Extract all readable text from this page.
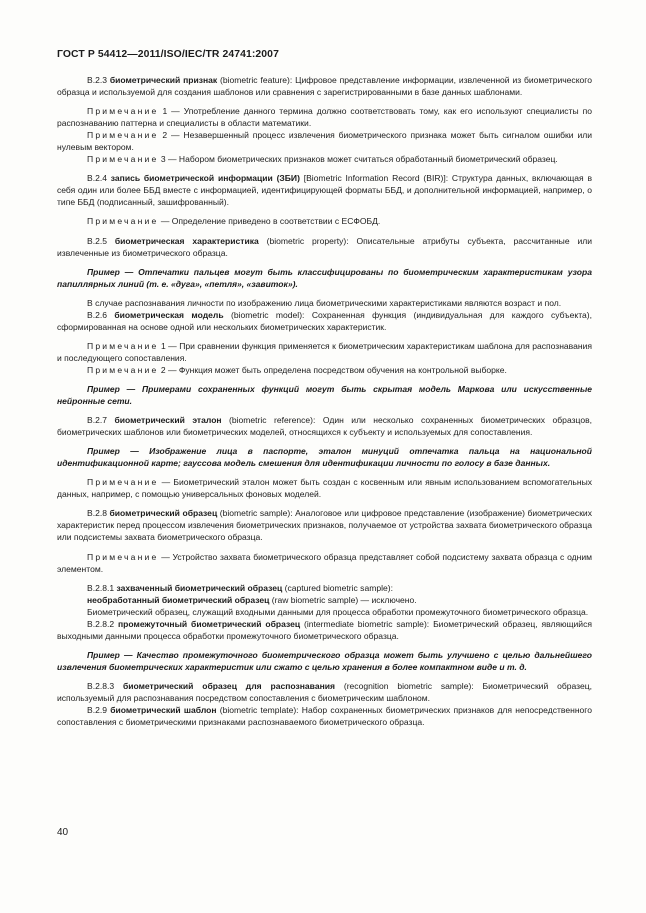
ГОСТ Р 54412—2011/ISO/IEC/TR 24741:2007

B.2.3 биометрический признак (biometric feature): Цифровое представление информации, извлеченной из биометрического образца и используемой для создания шаблонов или сравнения с зарегистрированными в базе данных шаблонами.

Примечание 1 — Употребление данного термина должно соответствовать тому, как его используют специалисты по распознаванию паттерна и специалисты в области математики.

Примечание 2 — Незавершенный процесс извлечения биометрического признака может быть сигналом ошибки или нулевым вектором.

Примечание 3 — Набором биометрических признаков может считаться обработанный биометрический образец.

B.2.4 запись биометрической информации (ЗБИ) [Biometric Information Record (BIR)]: Структура данных, включающая в себя один или более ББД вместе с информацией, идентифицирующей форматы ББД, и дополнительной информацией, например, о типе ББД (подписанный, зашифрованный).

Примечание — Определение приведено в соответствии с ЕСФОБД.

B.2.5 биометрическая характеристика (biometric property): Описательные атрибуты субъекта, рассчитанные или извлеченные из биометрического образца.

Пример — Отпечатки пальцев могут быть классифицированы по биометрическим характеристикам узора папиллярных линий (т. е. «дуга», «петля», «завиток»).

В случае распознавания личности по изображению лица биометрическими характеристиками являются возраст и пол.

B.2.6 биометрическая модель (biometric model): Сохраненная функция (индивидуальная для каждого субъекта), сформированная на основе одной или нескольких биометрических характеристик.

Примечание 1 — При сравнении функция применяется к биометрическим характеристикам шаблона для распознавания и последующего сопоставления.

Примечание 2 — Функция может быть определена посредством обучения на контрольной выборке.

Пример — Примерами сохраненных функций могут быть скрытая модель Маркова или искусственные нейронные сети.

B.2.7 биометрический эталон (biometric reference): Один или несколько сохраненных биометрических образцов, биометрических шаблонов или биометрических моделей, относящихся к субъекту и используемых для сопоставления.

Пример — Изображение лица в паспорте, эталон минуций отпечатка пальца на национальной идентификационной карте; гауссова модель смешения для идентификации личности по голосу в базе данных.

Примечание — Биометрический эталон может быть создан с косвенным или явным использованием вспомогательных данных, например, с помощью универсальных фоновых моделей.

B.2.8 биометрический образец (biometric sample): Аналоговое или цифровое представление (изображение) биометрических характеристик перед процессом извлечения биометрических признаков, получаемое от устройства захвата биометрического образца или подсистемы захвата биометрического образца.

Примечание — Устройство захвата биометрического образца представляет собой подсистему захвата образца с одним элементом.

B.2.8.1 захваченный биометрический образец (captured biometric sample):

необработанный биометрический образец (raw biometric sample) — исключено.

Биометрический образец, служащий входными данными для процесса обработки промежуточного биометрического образца.

B.2.8.2 промежуточный биометрический образец (intermediate biometric sample): Биометрический образец, являющийся выходными данными процесса обработки промежуточного биометрического образца.

Пример — Качество промежуточного биометрического образца может быть улучшено с целью дальнейшего извлечения биометрических характеристик или сжато с целью хранения в более компактном виде и т. д.

B.2.8.3 биометрический образец для распознавания (recognition biometric sample): Биометрический образец, используемый для распознавания посредством сопоставления с биометрическим шаблоном.

B.2.9 биометрический шаблон (biometric template): Набор сохраненных биометрических признаков для непосредственного сопоставления с биометрическими признаками распознаваемого биометрического образца.

40
